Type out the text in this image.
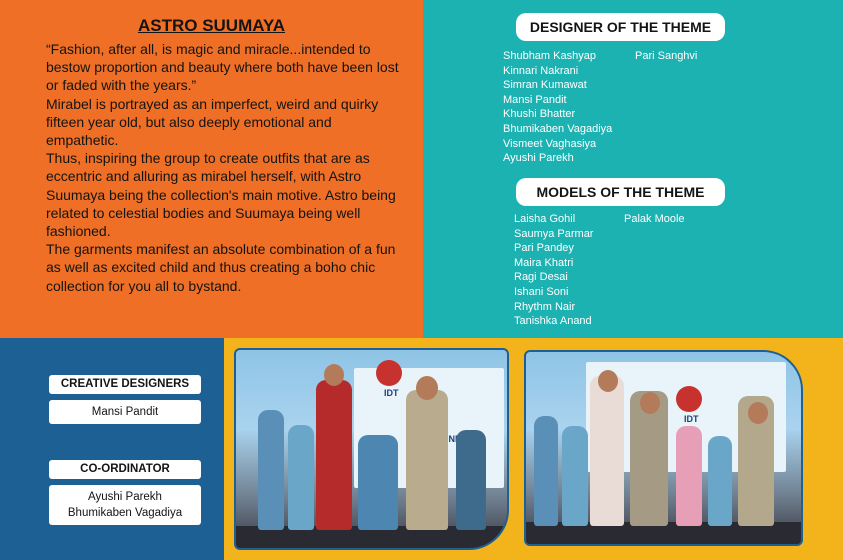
ASTRO SUUMAYA

“Fashion, after all, is magic and miracle...intended to bestow proportion and beauty where both have been lost or faded with the years.”

Mirabel is portrayed as an imperfect, weird and quirky fifteen year old, but also deeply emotional and empathetic.

Thus, inspiring the group to create outfits that are as eccentric and alluring as mirabel herself, with Astro Suumaya being the collection's main motive. Astro being related to celestial bodies and Suumaya being well fashioned.

The garments manifest an absolute combination of a fun as well as excited child and thus creating a boho chic collection for you all to bystand.

DESIGNER OF THE THEME
Shubham Kashyap
Kinnari Nakrani
Simran Kumawat
Mansi Pandit
Khushi Bhatter
Bhumikaben Vagadiya
Vismeet Vaghasiya
Ayushi Parekh
Pari Sanghvi
MODELS OF THE THEME
Laisha Gohil
Saumya Parmar
Pari Pandey
Maira Khatri
Ragi Desai
Ishani Soni
Rhythm Nair
Tanishka Anand
Palak Moole
CREATIVE DESIGNERS
Mansi Pandit
CO-ORDINATOR
Ayushi Parekh
Bhumikaben Vagadiya
IDT
IDT
